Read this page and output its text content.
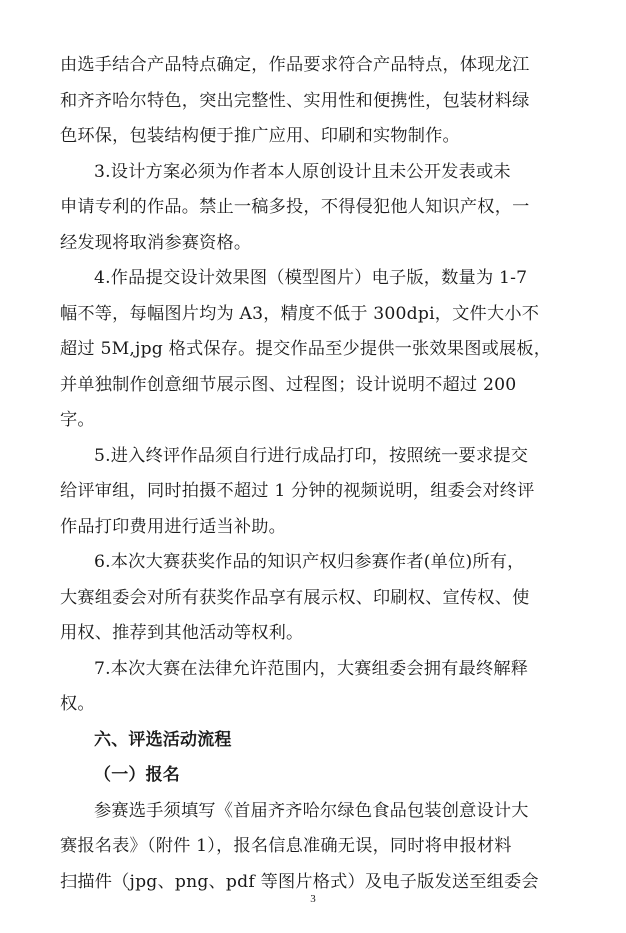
由选手结合产品特点确定，作品要求符合产品特点，体现龙江
和齐齐哈尔特色，突出完整性、实用性和便携性，包装材料绿
色环保，包装结构便于推广应用、印刷和实物制作。
3.设计方案必须为作者本人原创设计且未公开发表或未
申请专利的作品。禁止一稿多投，不得侵犯他人知识产权，一
经发现将取消参赛资格。
4.作品提交设计效果图（模型图片）电子版，数量为 1-7
幅不等，每幅图片均为 A3，精度不低于 300dpi，文件大小不
超过 5M,jpg 格式保存。提交作品至少提供一张效果图或展板，
并单独制作创意细节展示图、过程图；设计说明不超过 200
字。
5.进入终评作品须自行进行成品打印，按照统一要求提交
给评审组，同时拍摄不超过 1 分钟的视频说明，组委会对终评
作品打印费用进行适当补助。
6.本次大赛获奖作品的知识产权归参赛作者(单位)所有，
大赛组委会对所有获奖作品享有展示权、印刷权、宣传权、使
用权、推荐到其他活动等权利。
7.本次大赛在法律允许范围内，大赛组委会拥有最终解释
权。
六、评选活动流程
（一）报名
参赛选手须填写《首届齐齐哈尔绿色食品包装创意设计大
赛报名表》（附件 1），报名信息准确无误，同时将申报材料
扫描件（jpg、png、pdf 等图片格式）及电子版发送至组委会
3
